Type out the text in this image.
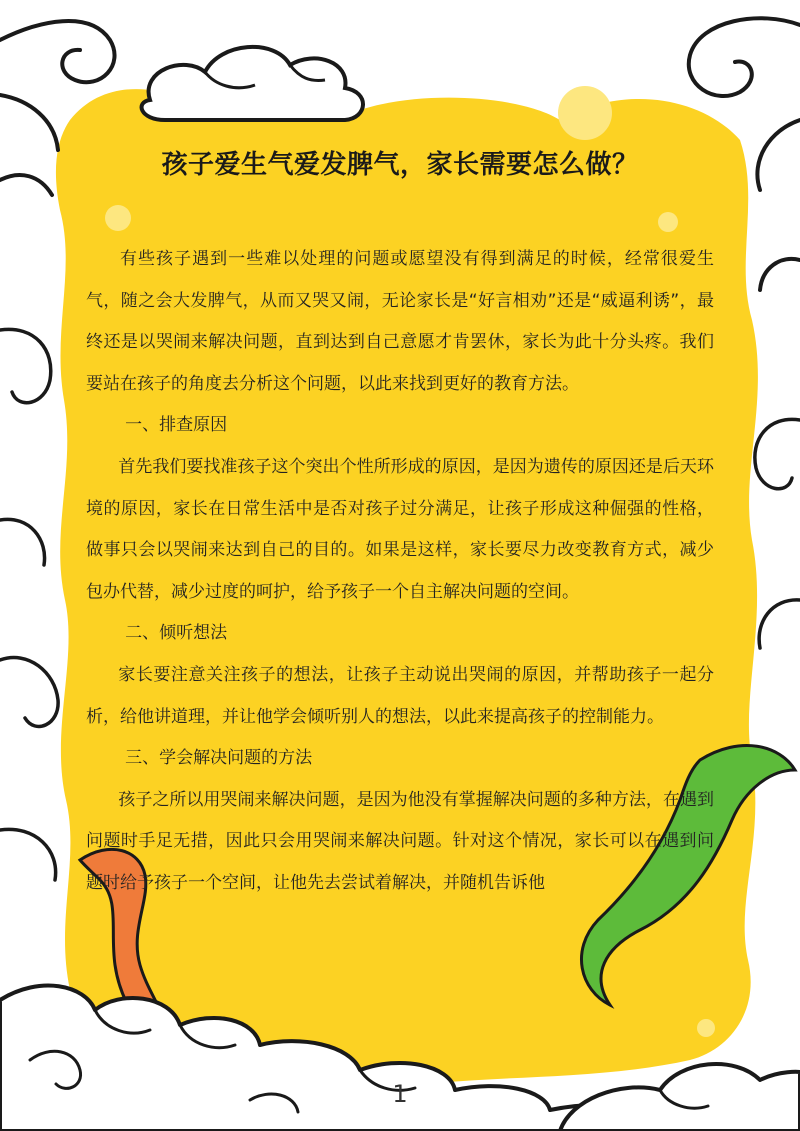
孩子爱生气爱发脾气，家长需要怎么做？

有些孩子遇到一些难以处理的问题或愿望没有得到满足的时候，经常很爱生气，随之会大发脾气，从而又哭又闹，无论家长是“好言相劝”还是“威逼利诱”，最终还是以哭闹来解决问题，直到达到自己意愿才肯罢休，家长为此十分头疼。我们要站在孩子的角度去分析这个问题，以此来找到更好的教育方法。

一、排查原因

首先我们要找准孩子这个突出个性所形成的原因，是因为遗传的原因还是后天环境的原因，家长在日常生活中是否对孩子过分满足，让孩子形成这种倔强的性格，做事只会以哭闹来达到自己的目的。如果是这样，家长要尽力改变教育方式，减少包办代替，减少过度的呵护，给予孩子一个自主解决问题的空间。

二、倾听想法

家长要注意关注孩子的想法，让孩子主动说出哭闹的原因，并帮助孩子一起分析，给他讲道理，并让他学会倾听别人的想法，以此来提高孩子的控制能力。

三、学会解决问题的方法

孩子之所以用哭闹来解决问题，是因为他没有掌握解决问题的多种方法，在遇到问题时手足无措，因此只会用哭闹来解决问题。针对这个情况，家长可以在遇到问题时给予孩子一个空间，让他先去尝试着解决，并随机告诉他

1
